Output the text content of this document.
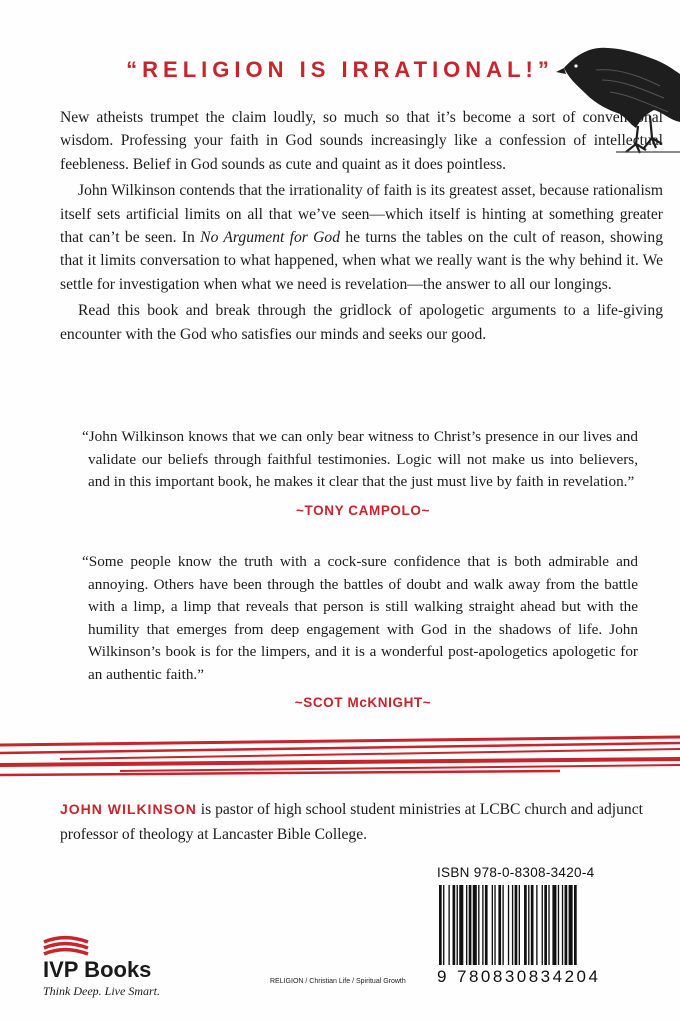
“RELIGION IS IRRATIONAL!”

New atheists trumpet the claim loudly, so much so that it’s become a sort of conventional wisdom. Professing your faith in God sounds increasingly like a confession of intellectual feebleness. Belief in God sounds as cute and quaint as it does pointless.

John Wilkinson contends that the irrationality of faith is its greatest asset, because rationalism itself sets artificial limits on all that we’ve seen—which itself is hinting at something greater that can’t be seen. In No Argument for God he turns the tables on the cult of reason, showing that it limits conversation to what happened, when what we really want is the why behind it. We settle for investigation when what we need is revelation—the answer to all our longings.

Read this book and break through the gridlock of apologetic arguments to a life-giving encounter with the God who satisfies our minds and seeks our good.

“John Wilkinson knows that we can only bear witness to Christ’s presence in our lives and validate our beliefs through faithful testimonies. Logic will not make us into believers, and in this important book, he makes it clear that the just must live by faith in revelation.”

~TONY CAMPOLO~

“Some people know the truth with a cock-sure confidence that is both admirable and annoying. Others have been through the battles of doubt and walk away from the battle with a limp, a limp that reveals that person is still walking straight ahead but with the humility that emerges from deep engagement with God in the shadows of life. John Wilkinson’s book is for the limpers, and it is a wonderful post-apologetics apologetic for an authentic faith.”

~SCOT McKNIGHT~
JOHN WILKINSON is pastor of high school student ministries at LCBC church and adjunct professor of theology at Lancaster Bible College.
ISBN 978-0-8308-3420-4
9 780830834204
RELIGION / Christian Life / Spiritual Growth
IVP Books
Think Deep. Live Smart.
